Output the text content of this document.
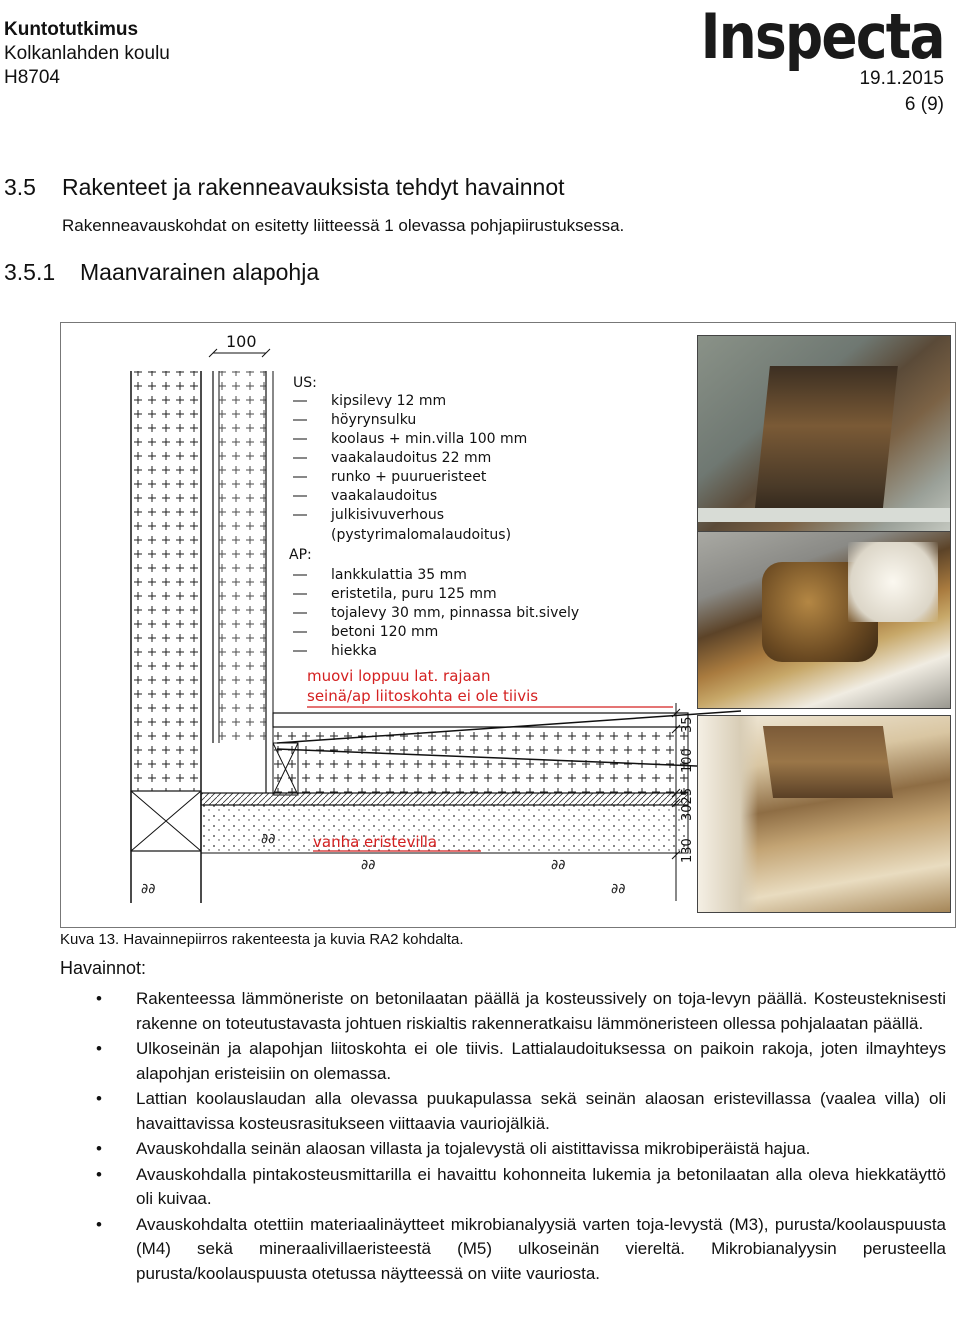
Kuntotutkimus
Kolkanlahden koulu
H8704
Inspecta
19.1.2015
6 (9)
3.5 Rakenteet ja rakenneavauksista tehdyt havainnot
Rakenneavauskohdat on esitetty liitteessä 1 olevassa pohjapiirustuksessa.
3.5.1 Maanvarainen alapohja
∂∂
∂∂	∂∂
∂∂	∂∂
100
US:
kipsilevy 12 mm
höyrynsulku
koolaus + min.villa 100 mm
vaakalaudoitus 22 mm
runko + puurueristeet
vaakalaudoitus
julkisivuverhous
(pystyrimalomalaudoitus)
AP:
lankkulattia 35 mm
eristetila, puru 125 mm
tojalevy 30 mm, pinnassa bit.sively
betoni 120 mm
hiekka
muovi loppuu lat. rajaan
seinä/ap liitoskohta ei ole tiivis
vanha eristevilla
35
100
3025
130
Kuva 13. Havainnepiirros rakenteesta ja kuvia RA2 kohdalta.
Havainnot:
• Rakenteessa lämmöneriste on betonilaatan päällä ja kosteussively on toja-levyn päällä. Kosteusteknisesti rakenne on toteutustavasta johtuen riskialtis rakenneratkaisu lämmöneristeen ollessa pohjalaatan päällä.
• Ulkoseinän ja alapohjan liitoskohta ei ole tiivis. Lattialaudoituksessa on paikoin rakoja, joten ilmayhteys alapohjan eristeisiin on olemassa.
• Lattian koolauslaudan alla olevassa puukapulassa sekä seinän alaosan eristevillassa (vaalea villa) oli havaittavissa kosteusrasitukseen viittaavia vauriojälkiä.
• Avauskohdalla seinän alaosan villasta ja tojalevystä oli aistittavissa mikrobiperäistä hajua.
• Avauskohdalla pintakosteusmittarilla ei havaittu kohonneita lukemia ja betonilaatan alla oleva hiekkatäyttö oli kuivaa.
• Avauskohdalta otettiin materiaalinäytteet mikrobianalyysiä varten toja-levystä (M3), purusta/koolauspuusta (M4) sekä mineraalivillaeristeestä (M5) ulkoseinän viereltä. Mikrobianalyysin perusteella purusta/koolauspuusta otetussa näytteessä on viite vauriosta.
